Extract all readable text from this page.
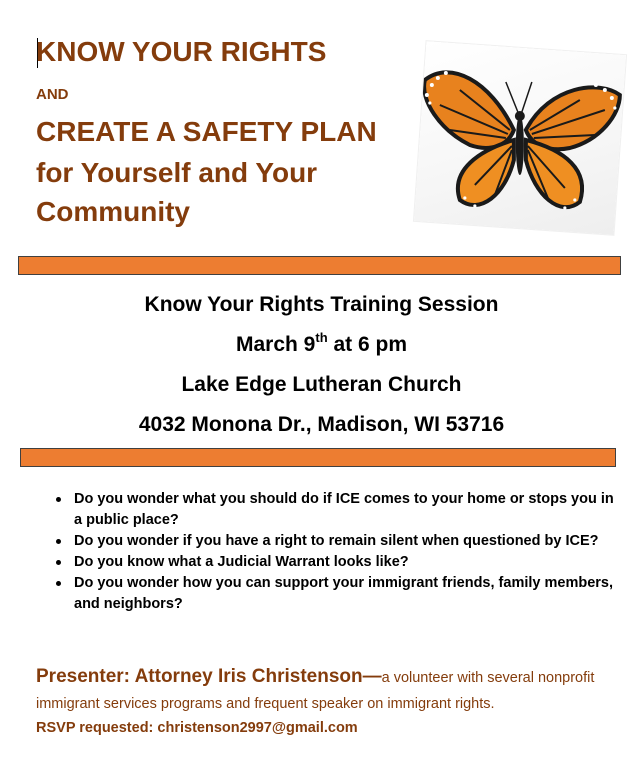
KNOW YOUR RIGHTS

AND

CREATE A SAFETY PLAN

for Yourself and Your

Community

Know Your Rights Training Session

March 9th at 6 pm

Lake Edge Lutheran Church

4032 Monona Dr., Madison, WI 53716

Do you wonder what you should do if ICE comes to your home or stops you in a public place?
Do you wonder if you have a right to remain silent when questioned by ICE?
Do you know what a Judicial Warrant looks like?
Do you wonder how you can support your immigrant friends, family members, and neighbors?

Presenter: Attorney Iris Christenson—a volunteer with several nonprofit immigrant services programs and frequent speaker on immigrant rights.

RSVP requested: christenson2997@gmail.com
